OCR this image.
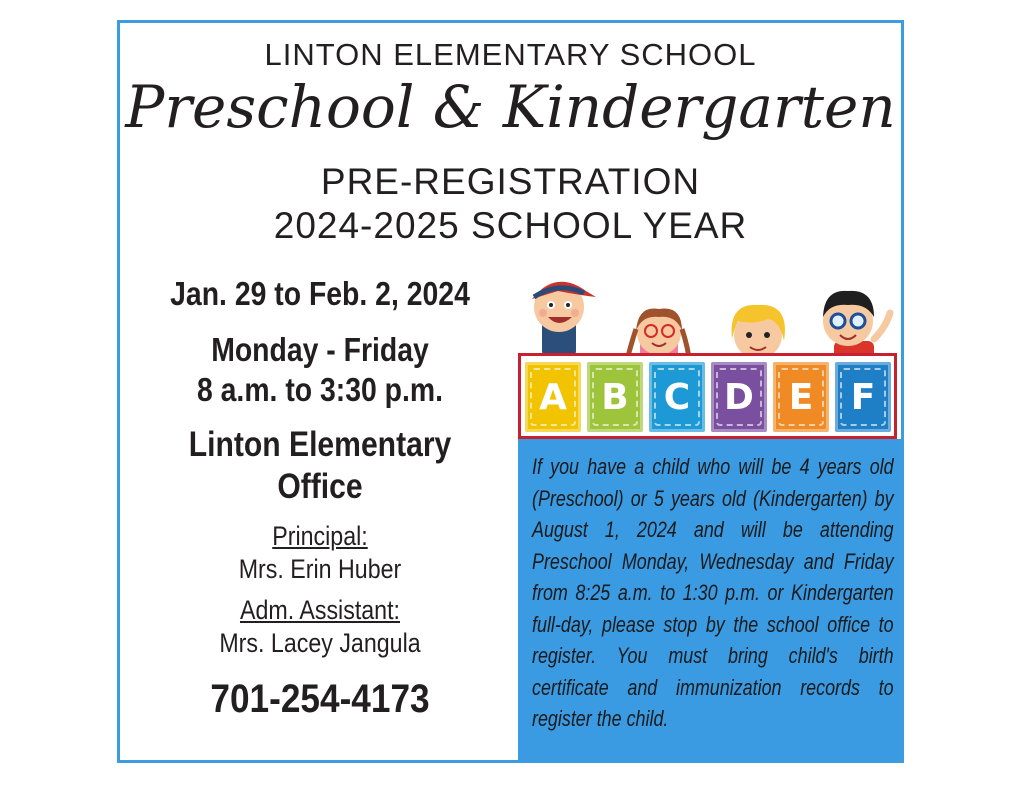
LINTON ELEMENTARY SCHOOL
Preschool & Kindergarten
PRE-REGISTRATION
2024-2025 SCHOOL YEAR
Jan. 29 to Feb. 2, 2024
Monday - Friday
8 a.m. to 3:30 p.m.
Linton Elementary
Office
Principal:
Mrs. Erin Huber
Adm. Assistant:
Mrs. Lacey Jangula
701-254-4173
A B C D E F
If you have a child who will be 4 years old (Preschool) or 5 years old (Kindergarten) by August 1, 2024 and will be attending Preschool Monday, Wednesday and Friday from 8:25 a.m. to 1:30 p.m. or Kindergarten full-day, please stop by the school office to register. You must bring child's birth certificate and immunization records to register the child.
